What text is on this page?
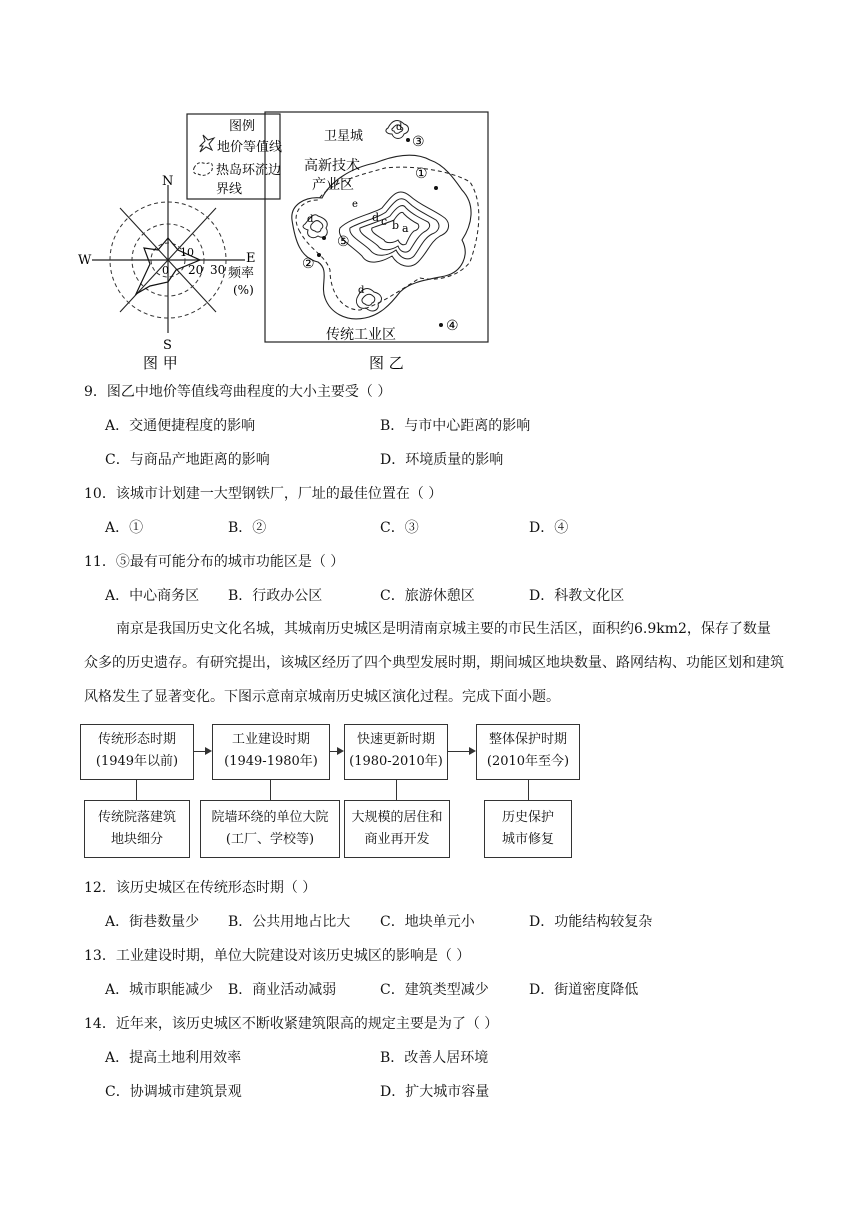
N
S
E
W
0
10
20 30 频率
(%)
图 甲
图例
地价等值线
热岛环流边
界线
卫星城
d
③
高新技术
产业区
e
①
d c b a
d
⑤
②
d
传统工业区
④
图 乙
9．图乙中地价等值线弯曲程度的大小主要受（ ）
A．交通便捷程度的影响	B．与市中心距离的影响
C．与商品产地距离的影响	D．环境质量的影响
10．该城市计划建一大型钢铁厂，厂址的最佳位置在（ ）
A．①	B．②	C．③	D．④
11．⑤最有可能分布的城市功能区是（ ）
A．中心商务区 B．行政办公区	C．旅游休憩区	D．科教文化区
南京是我国历史文化名城，其城南历史城区是明清南京城主要的市民生活区，面积约6.9km2，保存了数量众多的历史遗存。有研究提出，该城区经历了四个典型发展时期，期间城区地块数量、路网结构、功能区划和建筑风格发生了显著变化。下图示意南京城南历史城区演化过程。完成下面小题。
传统形态时期
(1949年以前)
工业建设时期
(1949-1980年)
快速更新时期
(1980-2010年)
整体保护时期
(2010年至今)
传统院落建筑
地块细分
院墙环绕的单位大院
(工厂、学校等)
大规模的居住和
商业再开发
历史保护
城市修复
12．该历史城区在传统形态时期（ ）
A．街巷数量少 B．公共用地占比大 C．地块单元小	D．功能结构较复杂
13．工业建设时期，单位大院建设对该历史城区的影响是（ ）
A．城市职能减少 B．商业活动减弱	C．建筑类型减少	D．街道密度降低
14．近年来，该历史城区不断收紧建筑限高的规定主要是为了（ ）
A．提高土地利用效率	B．改善人居环境
C．协调城市建筑景观	D．扩大城市容量
